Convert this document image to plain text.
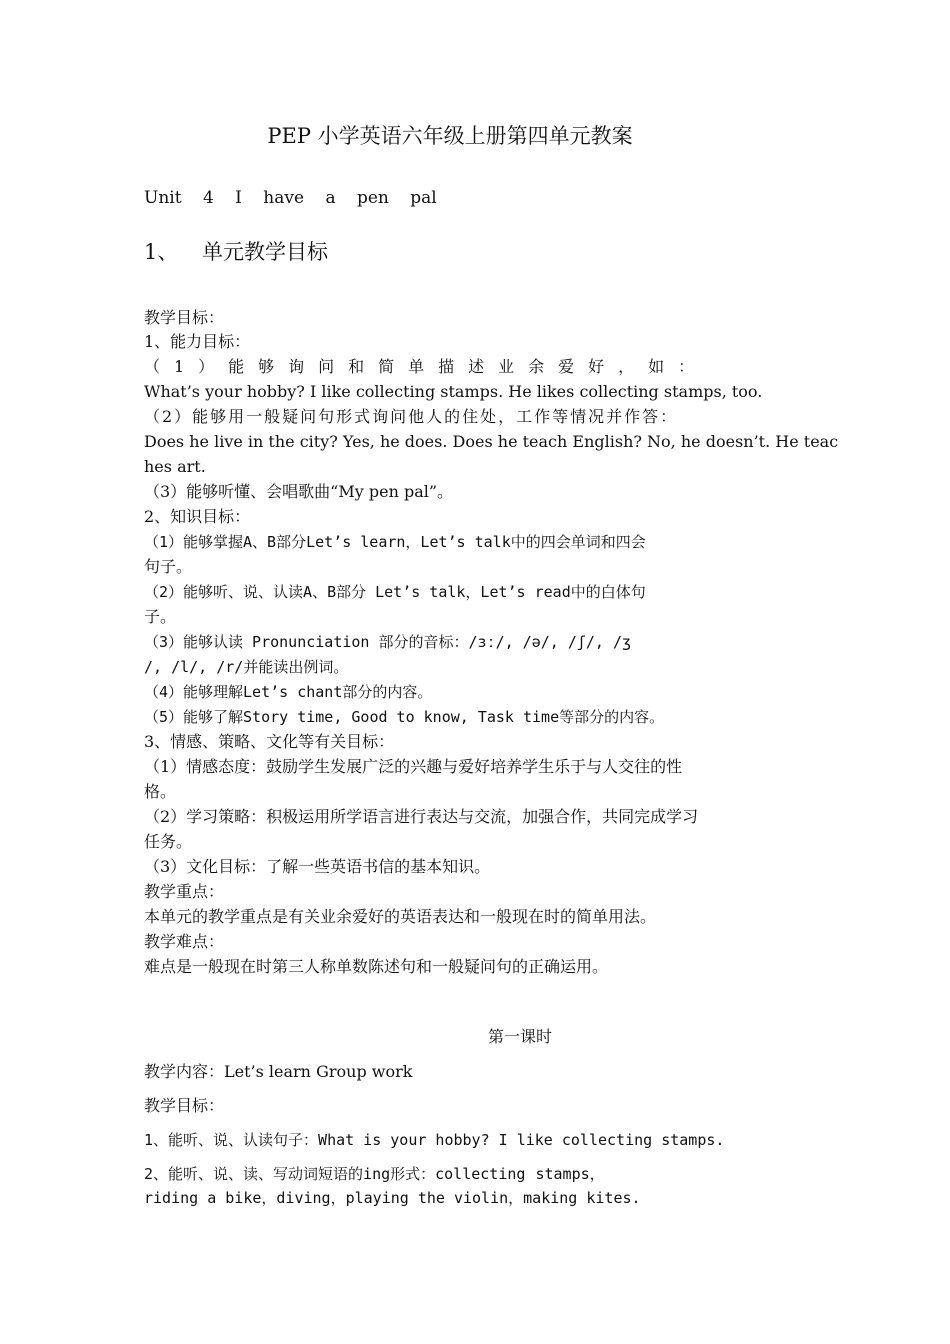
PEP 小学英语六年级上册第四单元教案
Unit 4 I have a pen pal
1、 单元教学目标
教学目标：
1、能力目标：
（1）能够询问和简单描述业余爱好，如：
What’s your hobby? I like collecting stamps. He likes collecting stamps, too.
（2）能够用一般疑问句形式询问他人的住处，工作等情况并作答：
Does he live in the city? Yes, he does. Does he teach English? No, he doesn’t. He teac
hes art.
（3）能够听懂、会唱歌曲“My pen pal”。
2、知识目标：
（1）能够掌握A、B部分Let’s learn，Let’s talk中的四会单词和四会
句子。
（2）能够听、说、认读A、B部分 Let’s talk，Let’s read中的白体句
子。
（3）能够认读 Pronunciation 部分的音标：/ɜː/, /ə/, /ʃ/, /ʒ
/, /l/, /r/并能读出例词。
（4）能够理解Let’s chant部分的内容。
（5）能够了解Story time, Good to know, Task time等部分的内容。
3、情感、策略、文化等有关目标：
（1）情感态度：鼓励学生发展广泛的兴趣与爱好培养学生乐于与人交往的性
格。
（2）学习策略：积极运用所学语言进行表达与交流，加强合作，共同完成学习
任务。
（3）文化目标：了解一些英语书信的基本知识。
教学重点：
本单元的教学重点是有关业余爱好的英语表达和一般现在时的简单用法。
教学难点：
难点是一般现在时第三人称单数陈述句和一般疑问句的正确运用。
第一课时
教学内容：Let’s learn Group work
教学目标：
1、能听、说、认读句子：What is your hobby? I like collecting stamps.
2、能听、说、读、写动词短语的ing形式：collecting stamps，
riding a bike，diving，playing the violin，making kites.
